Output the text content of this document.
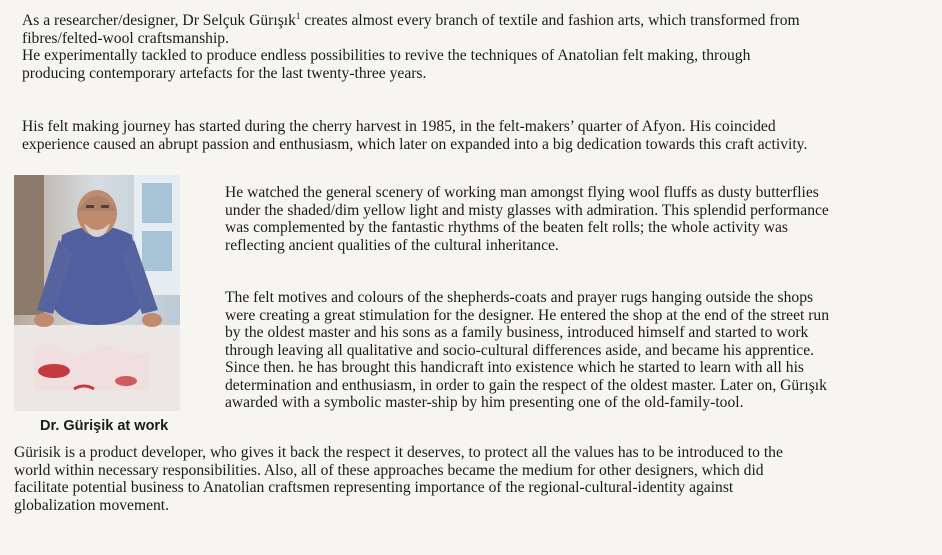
As a researcher/designer, Dr Selçuk Gürışık$^1$ creates almost every branch of textile and fashion arts, which transformed from
fibres/felted-wool craftsmanship.
He experimentally tackled to produce endless possibilities to revive the techniques of Anatolian felt making, through
producing contemporary artefacts for the last twenty-three years.
His felt making journey has started during the cherry harvest in 1985, in the felt-makers’ quarter of Afyon. His coincided
experience caused an abrupt passion and enthusiasm, which later on expanded into a big dedication towards this craft activity.
Dr. Gürişik at work
He watched the general scenery of working man amongst flying wool fluffs as dusty butterflies
under the shaded/dim yellow light and misty glasses with admiration. This splendid performance
was complemented by the fantastic rhythms of the beaten felt rolls; the whole activity was
reflecting ancient qualities of the cultural inheritance.
The felt motives and colours of the shepherds-coats and prayer rugs hanging outside the shops
were creating a great stimulation for the designer. He entered the shop at the end of the street run
by the oldest master and his sons as a family business, introduced himself and started to work
through leaving all qualitative and socio-cultural differences aside, and became his apprentice.
Since then. he has brought this handicraft into existence which he started to learn with all his
determination and enthusiasm, in order to gain the respect of the oldest master. Later on, Gürışık
awarded with a symbolic master-ship by him presenting one of the old-family-tool.
Gürisik is a product developer, who gives it back the respect it deserves, to protect all the values has to be introduced to the
world within necessary responsibilities. Also, all of these approaches became the medium for other designers, which did
facilitate potential business to Anatolian craftsmen representing importance of the regional-cultural-identity against
globalization movement.
